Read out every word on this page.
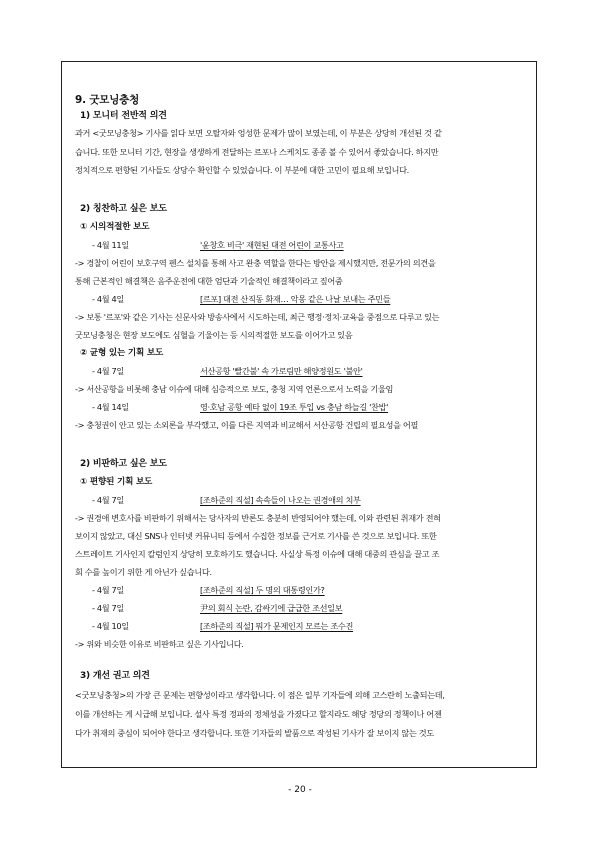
9. 굿모닝충청
1) 모니터 전반적 의견
과거 <굿모닝충청> 기사를 읽다 보면 오탈자와 엉성한 문제가 많이 보였는데, 이 부분은 상당히 개선된 것 같
습니다. 또한 모니터 기간, 현장을 생생하게 전달하는 르포나 스케치도 종종 볼 수 있어서 좋았습니다. 하지만
정치적으로 편향된 기사들도 상당수 확인할 수 있었습니다. 이 부분에 대한 고민이 필요해 보입니다.
2) 칭찬하고 싶은 보도
① 시의적절한 보도
- 4월 11일	'윤창호 비극' 재현된 대전 어린이 교통사고
-> 경찰이 어린이 보호구역 펜스 설치를 통해 사고 완충 역할을 한다는 방안을 제시했지만, 전문가의 의견을
통해 근본적인 해결책은 음주운전에 대한 엄단과 기술적인 해결책이라고 짚어줌
- 4월 4일	[르포] 대전 산직동 화재… 악몽 같은 나날 보내는 주민들
-> 보통 '르포'와 같은 기사는 신문사와 방송사에서 시도하는데, 최근 행정·정치·교육을 중점으로 다루고 있는
굿모닝충청은 현장 보도에도 심혈을 기울이는 등 시의적절한 보도를 이어가고 있음
② 균형 있는 기획 보도
- 4월 7일	서산공항 '빨간불' 속 가로림만 해양정원도 '불안'
-> 서산공항을 비롯해 충남 이슈에 대해 심층적으로 보도, 충청 지역 언론으로서 노력을 기울임
- 4월 14일	영·호남 공항 예타 없이 19조 투입 vs 충남 하늘길 '찬밥'
-> 충청권이 안고 있는 소외론을 부각했고, 이를 다른 지역과 비교해서 서산공항 건립의 필요성을 어필
2) 비판하고 싶은 보도
① 편향된 기획 보도
- 4월 7일	[조하준의 직설] 속속들이 나오는 권경애의 치부
-> 권경애 변호사를 비판하기 위해서는 당사자의 반론도 충분히 반영되어야 했는데, 이와 관련된 취재가 전혀
보이지 않았고, 대신 SNS나 인터넷 커뮤니티 등에서 수집한 정보를 근거로 기사를 쓴 것으로 보입니다. 또한
스트레이트 기사인지 칼럼인지 상당히 모호하기도 했습니다. 사실상 특정 이슈에 대해 대중의 관심을 끌고 조
회 수를 높이기 위한 게 아닌가 싶습니다.
- 4월 7일	[조하준의 직설] 두 명의 대통령인가?
- 4월 7일	尹의 회식 논란, 감싸기에 급급한 조선일보
- 4월 10일	[조하준의 직설] 뭐가 문제인지 모르는 조수진
-> 위와 비슷한 이유로 비판하고 싶은 기사입니다.
3) 개선 권고 의견
<굿모닝충청>의 가장 큰 문제는 편향성이라고 생각합니다. 이 점은 일부 기자들에 의해 고스란히 노출되는데,
이를 개선하는 게 시급해 보입니다. 설사 특정 정파의 정체성을 가졌다고 할지라도 해당 정당의 정책이나 어젠
다가 취재의 중심이 되어야 한다고 생각합니다. 또한 기자들의 발품으로 작성된 기사가 잘 보이지 않는 것도
- 20 -
